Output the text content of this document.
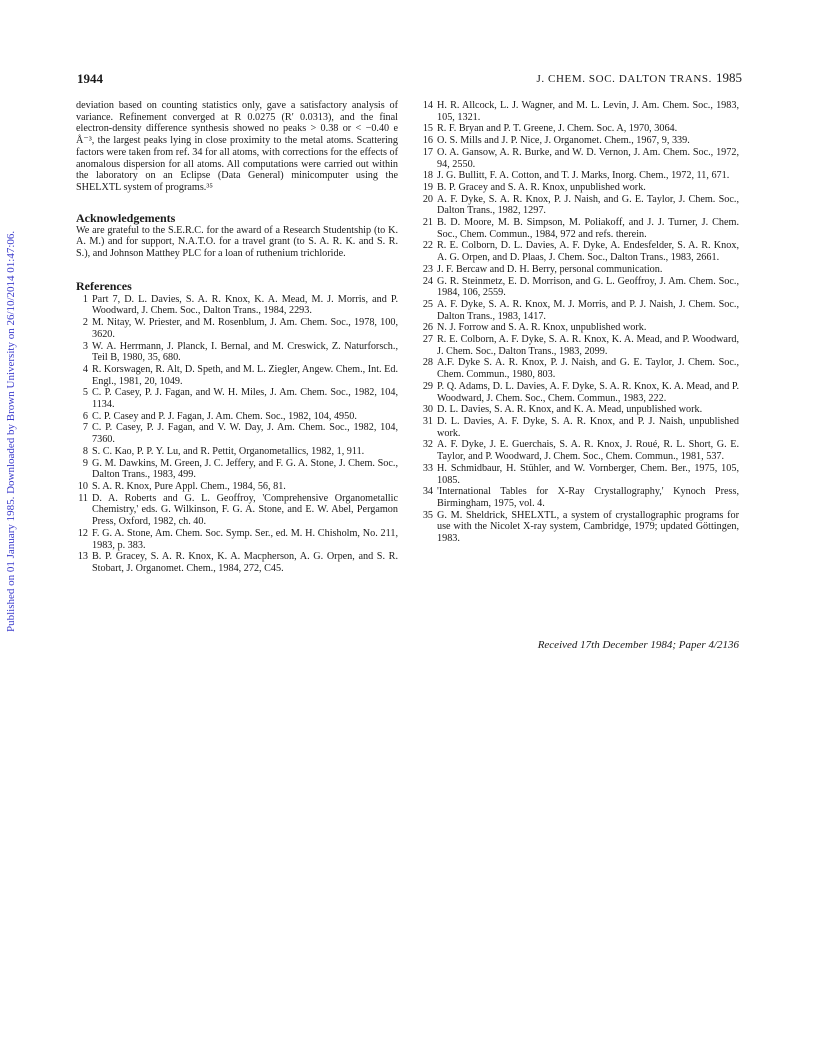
Published on 01 January 1985. Downloaded by Brown University on 26/10/2014 01:47:06.
1944	J. CHEM. SOC. DALTON TRANS. 1985

deviation based on counting statistics only, gave a satisfactory analysis of variance. Refinement converged at R 0.0275 (R′ 0.0313), and the final electron-density difference synthesis showed no peaks > 0.38 or < −0.40 e Å⁻³, the largest peaks lying in close proximity to the metal atoms. Scattering factors were taken from ref. 34 for all atoms, with corrections for the effects of anomalous dispersion for all atoms. All computations were carried out within the laboratory on an Eclipse (Data General) minicomputer using the SHELXTL system of programs.³⁵

Acknowledgements

We are grateful to the S.E.R.C. for the award of a Research Studentship (to K. A. M.) and for support, N.A.T.O. for a travel grant (to S. A. R. K. and S. R. S.), and Johnson Matthey PLC for a loan of ruthenium trichloride.

References
1 Part 7, D. L. Davies, S. A. R. Knox, K. A. Mead, M. J. Morris, and P. Woodward, J. Chem. Soc., Dalton Trans., 1984, 2293.
2 M. Nitay, W. Priester, and M. Rosenblum, J. Am. Chem. Soc., 1978, 100, 3620.
3 W. A. Herrmann, J. Planck, I. Bernal, and M. Creswick, Z. Naturforsch., Teil B, 1980, 35, 680.
4 R. Korswagen, R. Alt, D. Speth, and M. L. Ziegler, Angew. Chem., Int. Ed. Engl., 1981, 20, 1049.
5 C. P. Casey, P. J. Fagan, and W. H. Miles, J. Am. Chem. Soc., 1982, 104, 1134.
6 C. P. Casey and P. J. Fagan, J. Am. Chem. Soc., 1982, 104, 4950.
7 C. P. Casey, P. J. Fagan, and V. W. Day, J. Am. Chem. Soc., 1982, 104, 7360.
8 S. C. Kao, P. P. Y. Lu, and R. Pettit, Organometallics, 1982, 1, 911.
9 G. M. Dawkins, M. Green, J. C. Jeffery, and F. G. A. Stone, J. Chem. Soc., Dalton Trans., 1983, 499.
10 S. A. R. Knox, Pure Appl. Chem., 1984, 56, 81.
11 D. A. Roberts and G. L. Geoffroy, 'Comprehensive Organometallic Chemistry,' eds. G. Wilkinson, F. G. A. Stone, and E. W. Abel, Pergamon Press, Oxford, 1982, ch. 40.
12 F. G. A. Stone, Am. Chem. Soc. Symp. Ser., ed. M. H. Chisholm, No. 211, 1983, p. 383.
13 B. P. Gracey, S. A. R. Knox, K. A. Macpherson, A. G. Orpen, and S. R. Stobart, J. Organomet. Chem., 1984, 272, C45.
14 H. R. Allcock, L. J. Wagner, and M. L. Levin, J. Am. Chem. Soc., 1983, 105, 1321.
15 R. F. Bryan and P. T. Greene, J. Chem. Soc. A, 1970, 3064.
16 O. S. Mills and J. P. Nice, J. Organomet. Chem., 1967, 9, 339.
17 O. A. Gansow, A. R. Burke, and W. D. Vernon, J. Am. Chem. Soc., 1972, 94, 2550.
18 J. G. Bullitt, F. A. Cotton, and T. J. Marks, Inorg. Chem., 1972, 11, 671.
19 B. P. Gracey and S. A. R. Knox, unpublished work.
20 A. F. Dyke, S. A. R. Knox, P. J. Naish, and G. E. Taylor, J. Chem. Soc., Dalton Trans., 1982, 1297.
21 B. D. Moore, M. B. Simpson, M. Poliakoff, and J. J. Turner, J. Chem. Soc., Chem. Commun., 1984, 972 and refs. therein.
22 R. E. Colborn, D. L. Davies, A. F. Dyke, A. Endesfelder, S. A. R. Knox, A. G. Orpen, and D. Plaas, J. Chem. Soc., Dalton Trans., 1983, 2661.
23 J. F. Bercaw and D. H. Berry, personal communication.
24 G. R. Steinmetz, E. D. Morrison, and G. L. Geoffroy, J. Am. Chem. Soc., 1984, 106, 2559.
25 A. F. Dyke, S. A. R. Knox, M. J. Morris, and P. J. Naish, J. Chem. Soc., Dalton Trans., 1983, 1417.
26 N. J. Forrow and S. A. R. Knox, unpublished work.
27 R. E. Colborn, A. F. Dyke, S. A. R. Knox, K. A. Mead, and P. Woodward, J. Chem. Soc., Dalton Trans., 1983, 2099.
28 A.F. Dyke S. A. R. Knox, P. J. Naish, and G. E. Taylor, J. Chem. Soc., Chem. Commun., 1980, 803.
29 P. Q. Adams, D. L. Davies, A. F. Dyke, S. A. R. Knox, K. A. Mead, and P. Woodward, J. Chem. Soc., Chem. Commun., 1983, 222.
30 D. L. Davies, S. A. R. Knox, and K. A. Mead, unpublished work.
31 D. L. Davies, A. F. Dyke, S. A. R. Knox, and P. J. Naish, unpublished work.
32 A. F. Dyke, J. E. Guerchais, S. A. R. Knox, J. Roué, R. L. Short, G. E. Taylor, and P. Woodward, J. Chem. Soc., Chem. Commun., 1981, 537.
33 H. Schmidbaur, H. Stühler, and W. Vornberger, Chem. Ber., 1975, 105, 1085.
34 'International Tables for X-Ray Crystallography,' Kynoch Press, Birmingham, 1975, vol. 4.
35 G. M. Sheldrick, SHELXTL, a system of crystallographic programs for use with the Nicolet X-ray system, Cambridge, 1979; updated Göttingen, 1983.
Received 17th December 1984; Paper 4/2136
